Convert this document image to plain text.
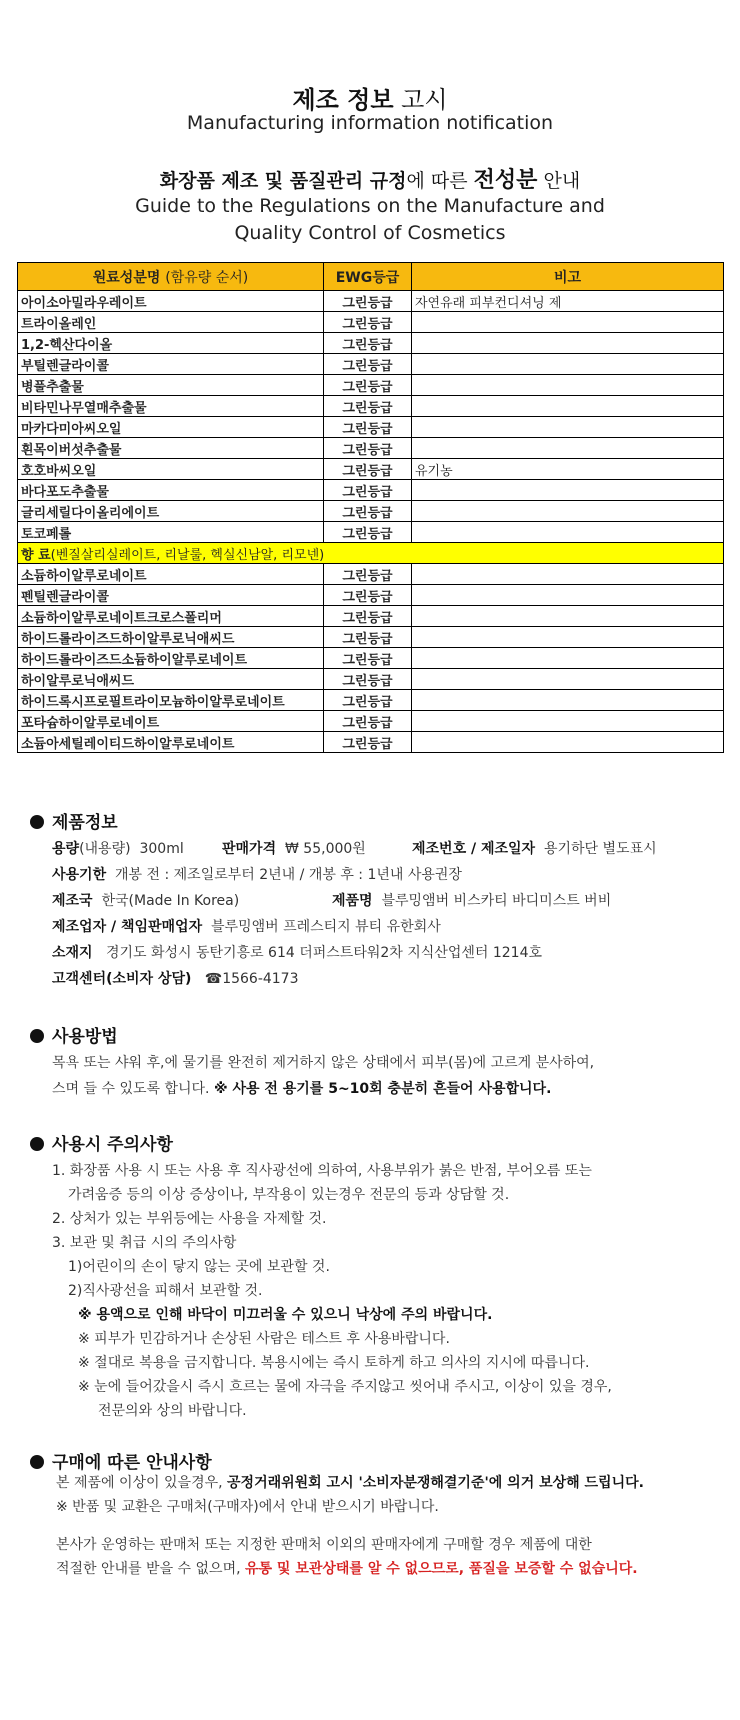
제조 정보 고시
Manufacturing information notification
화장품 제조 및 품질관리 규정에 따른 전성분 안내
Guide to the Regulations on the Manufacture and
Quality Control of Cosmetics
원료성분명 (함유량 순서)	EWG등급	비고
아이소아밀라우레이트	그린등급	자연유래 피부컨디셔닝 제
트라이올레인	그린등급	
1,2-헥산다이올	그린등급	
부틸렌글라이콜	그린등급	
병풀추출물	그린등급	
비타민나무열매추출물	그린등급	
마카다미아씨오일	그린등급	
흰목이버섯추출물	그린등급	
호호바씨오일	그린등급	유기농
바다포도추출물	그린등급	
글리세릴다이올리에이트	그린등급	
토코페롤	그린등급	
향 료(벤질살리실레이트, 리날룰, 헥실신남알, 리모넨)		
소듐하이알루로네이트	그린등급	
펜틸렌글라이콜	그린등급	
소듐하이알루로네이트크로스폴리머	그린등급	
하이드롤라이즈드하이알루로닉애씨드	그린등급	
하이드롤라이즈드소듐하이알루로네이트	그린등급	
하이알루로닉애씨드	그린등급	
하이드록시프로필트라이모늄하이알루로네이트	그린등급	
포타슘하이알루로네이트	그린등급	
소듐아세틸레이티드하이알루로네이트	그린등급	
제품정보
용량(내용량) 300ml	판매가격 ₩ 55,000원	제조번호 / 제조일자 용기하단 별도표시
사용기한 개봉 전 : 제조일로부터 2년내 / 개봉 후 : 1년내 사용권장
제조국 한국(Made In Korea)	제품명 블루밍앰버 비스카티 바디미스트 버비
제조업자 / 책임판매업자 블루밍앰버 프레스티지 뷰티 유한회사
소재지 경기도 화성시 동탄기흥로 614 더퍼스트타워2차 지식산업센터 1214호
고객센터(소비자 상담) ☎1566-4173
사용방법
목욕 또는 샤워 후,에 물기를 완전히 제거하지 않은 상태에서 피부(몸)에 고르게 분사하여,
스며 들 수 있도록 합니다. ※ 사용 전 용기를 5~10회 충분히 흔들어 사용합니다.
사용시 주의사항
1. 화장품 사용 시 또는 사용 후 직사광선에 의하여, 사용부위가 붉은 반점, 부어오름 또는
가려움증 등의 이상 증상이나, 부작용이 있는경우 전문의 등과 상담할 것.
2. 상처가 있는 부위등에는 사용을 자제할 것.
3. 보관 및 취급 시의 주의사항
1)어린이의 손이 닿지 않는 곳에 보관할 것.
2)직사광선을 피해서 보관할 것.
※ 용액으로 인해 바닥이 미끄러울 수 있으니 낙상에 주의 바랍니다.
※ 피부가 민감하거나 손상된 사람은 테스트 후 사용바랍니다.
※ 절대로 복용을 금지합니다. 복용시에는 즉시 토하게 하고 의사의 지시에 따릅니다.
※ 눈에 들어갔을시 즉시 흐르는 물에 자극을 주지않고 씻어내 주시고, 이상이 있을 경우,
전문의와 상의 바랍니다.
구매에 따른 안내사항
본 제품에 이상이 있을경우, 공정거래위원회 고시 '소비자분쟁해결기준'에 의거 보상해 드립니다.
※ 반품 및 교환은 구매처(구매자)에서 안내 받으시기 바랍니다.
본사가 운영하는 판매처 또는 지정한 판매처 이외의 판매자에게 구매할 경우 제품에 대한
적절한 안내를 받을 수 없으며, 유통 및 보관상태를 알 수 없으므로, 품질을 보증할 수 없습니다.
